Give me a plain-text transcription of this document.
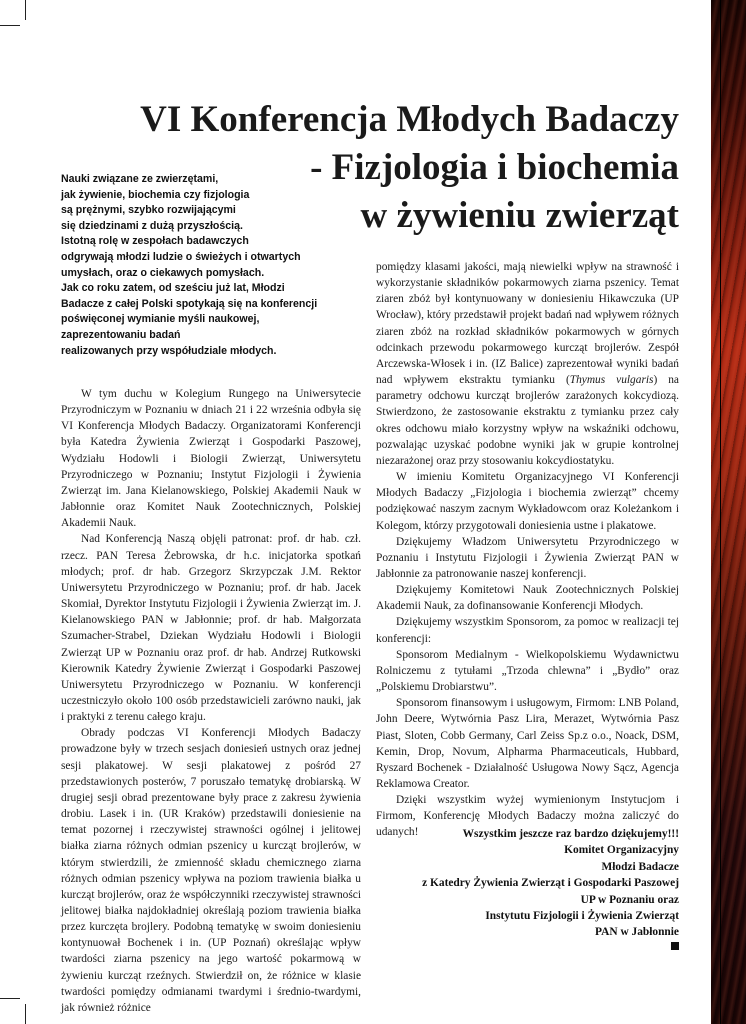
VI Konferencja Młodych Badaczy
- Fizjologia i biochemia
w żywieniu zwierząt
Nauki związane ze zwierzętami,
jak żywienie, biochemia czy fizjologia
są prężnymi, szybko rozwijającymi
się dziedzinami z dużą przyszłością.
Istotną rolę w zespołach badawczych
odgrywają młodzi ludzie o świeżych i otwartych
umysłach, oraz o ciekawych pomysłach.
Jak co roku zatem, od sześciu już lat, Młodzi
Badacze z całej Polski spotykają się na konferencji
poświęconej wymianie myśli naukowej,
zaprezentowaniu badań
realizowanych przy współudziale młodych.

W tym duchu w Kolegium Rungego na Uniwersytecie Przyrodniczym w Poznaniu w dniach 21 i 22 września odbyła się VI Konferencja Młodych Badaczy. Organizatorami Konferencji była Katedra Żywienia Zwierząt i Gospodarki Paszowej, Wydziału Hodowli i Biologii Zwierząt, Uniwersytetu Przyrodniczego w Poznaniu; Instytut Fizjologii i Żywienia Zwierząt im. Jana Kielanowskiego, Polskiej Akademii Nauk w Jabłonnie oraz Komitet Nauk Zootechnicznych, Polskiej Akademii Nauk.

Nad Konferencją Naszą objęli patronat: prof. dr hab. czł. rzecz. PAN Teresa Żebrowska, dr h.c. inicjatorka spotkań młodych; prof. dr hab. Grzegorz Skrzypczak J.M. Rektor Uniwersytetu Przyrodniczego w Poznaniu; prof. dr hab. Jacek Skomiał, Dyrektor Instytutu Fizjologii i Żywienia Zwierząt im. J. Kielanowskiego PAN w Jabłonnie; prof. dr hab. Małgorzata Szumacher-Strabel, Dziekan Wydziału Hodowli i Biologii Zwierząt UP w Poznaniu oraz prof. dr hab. Andrzej Rutkowski Kierownik Katedry Żywienie Zwierząt i Gospodarki Paszowej Uniwersytetu Przyrodniczego w Poznaniu. W konferencji uczestniczyło około 100 osób przedstawicieli zarówno nauki, jak i praktyki z terenu całego kraju.

Obrady podczas VI Konferencji Młodych Badaczy prowadzone były w trzech sesjach doniesień ustnych oraz jednej sesji plakatowej. W sesji plakatowej z pośród 27 przedstawionych posterów, 7 poruszało tematykę drobiarską. W drugiej sesji obrad prezentowane były prace z zakresu żywienia drobiu. Lasek i in. (UR Kraków) przedstawili doniesienie na temat pozornej i rzeczywistej strawności ogólnej i jelitowej białka ziarna różnych odmian pszenicy u kurcząt brojlerów, w którym stwierdzili, że zmienność składu chemicznego ziarna różnych odmian pszenicy wpływa na poziom trawienia białka u kurcząt brojlerów, oraz że współczynniki rzeczywistej strawności jelitowej białka najdokładniej określają poziom trawienia białka przez kurczęta brojlery. Podobną tematykę w swoim doniesieniu kontynuował Bochenek i in. (UP Poznań) określając wpływ twardości ziarna pszenicy na jego wartość pokarmową w żywieniu kurcząt rzeźnych. Stwierdził on, że różnice w klasie twardości pomiędzy odmianami twardymi i średnio-twardymi, jak również różnice

pomiędzy klasami jakości, mają niewielki wpływ na strawność i wykorzystanie składników pokarmowych ziarna pszenicy. Temat ziaren zbóż był kontynuowany w doniesieniu Hikawczuka (UP Wrocław), który przedstawił projekt badań nad wpływem różnych ziaren zbóż na rozkład składników pokarmowych w górnych odcinkach przewodu pokarmowego kurcząt brojlerów. Zespół Arczewska-Włosek i in. (IZ Balice) zaprezentował wyniki badań nad wpływem ekstraktu tymianku (Thymus vulgaris) na parametry odchowu kurcząt brojlerów zarażonych kokcydiozą. Stwierdzono, że zastosowanie ekstraktu z tymianku przez cały okres odchowu miało korzystny wpływ na wskaźniki odchowu, pozwalając uzyskać podobne wyniki jak w grupie kontrolnej niezarażonej oraz przy stosowaniu kokcydiostatyku.

W imieniu Komitetu Organizacyjnego VI Konferencji Młodych Badaczy „Fizjologia i biochemia zwierząt” chcemy podziękować naszym zacnym Wykładowcom oraz Koleżankom i Kolegom, którzy przygotowali doniesienia ustne i plakatowe.

Dziękujemy Władzom Uniwersytetu Przyrodniczego w Poznaniu i Instytutu Fizjologii i Żywienia Zwierząt PAN w Jabłonnie za patronowanie naszej konferencji.

Dziękujemy Komitetowi Nauk Zootechnicznych Polskiej Akademii Nauk, za dofinansowanie Konferencji Młodych.

Dziękujemy wszystkim Sponsorom, za pomoc w realizacji tej konferencji:

Sponsorom Medialnym - Wielkopolskiemu Wydawnictwu Rolniczemu z tytułami „Trzoda chlewna” i „Bydło” oraz „Polskiemu Drobiarstwu”.

Sponsorom finansowym i usługowym, Firmom: LNB Poland, John Deere, Wytwórnia Pasz Lira, Merazet, Wytwórnia Pasz Piast, Sloten, Cobb Germany, Carl Zeiss Sp.z o.o., Noack, DSM, Kemin, Drop, Novum, Alpharma Pharmaceuticals, Hubbard, Ryszard Bochenek - Działalność Usługowa Nowy Sącz, Agencja Reklamowa Creator.

Dzięki wszystkim wyżej wymienionym Instytucjom i Firmom, Konferencję Młodych Badaczy można zaliczyć do udanych!	Wszystkim jeszcze raz bardzo dziękujemy!!!
Komitet Organizacyjny
Młodzi Badacze
z Katedry Żywienia Zwierząt i Gospodarki Paszowej
UP w Poznaniu oraz
Instytutu Fizjologii i Żywienia Zwierząt
PAN w Jabłonnie
